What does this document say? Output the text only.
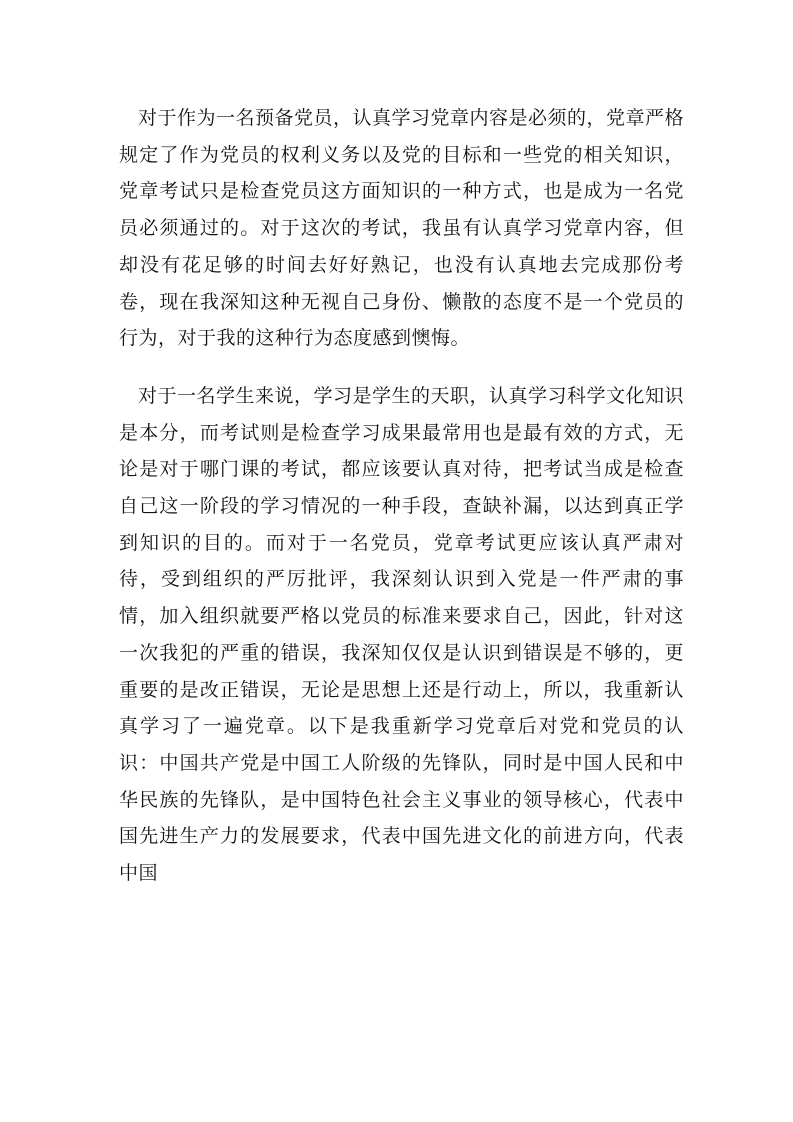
对于作为一名预备党员，认真学习党章内容是必须的，党章严格规定了作为党员的权利义务以及党的目标和一些党的相关知识，党章考试只是检查党员这方面知识的一种方式，也是成为一名党员必须通过的。对于这次的考试，我虽有认真学习党章内容，但却没有花足够的时间去好好熟记，也没有认真地去完成那份考卷，现在我深知这种无视自己身份、懒散的态度不是一个党员的行为，对于我的这种行为态度感到懊悔。

对于一名学生来说，学习是学生的天职，认真学习科学文化知识是本分，而考试则是检查学习成果最常用也是最有效的方式，无论是对于哪门课的考试，都应该要认真对待，把考试当成是检查自己这一阶段的学习情况的一种手段，查缺补漏，以达到真正学到知识的目的。而对于一名党员，党章考试更应该认真严肃对待，受到组织的严厉批评，我深刻认识到入党是一件严肃的事情，加入组织就要严格以党员的标准来要求自己，因此，针对这一次我犯的严重的错误，我深知仅仅是认识到错误是不够的，更重要的是改正错误，无论是思想上还是行动上，所以，我重新认真学习了一遍党章。以下是我重新学习党章后对党和党员的认识：中国共产党是中国工人阶级的先锋队，同时是中国人民和中华民族的先锋队，是中国特色社会主义事业的领导核心，代表中国先进生产力的发展要求，代表中国先进文化的前进方向，代表中国
